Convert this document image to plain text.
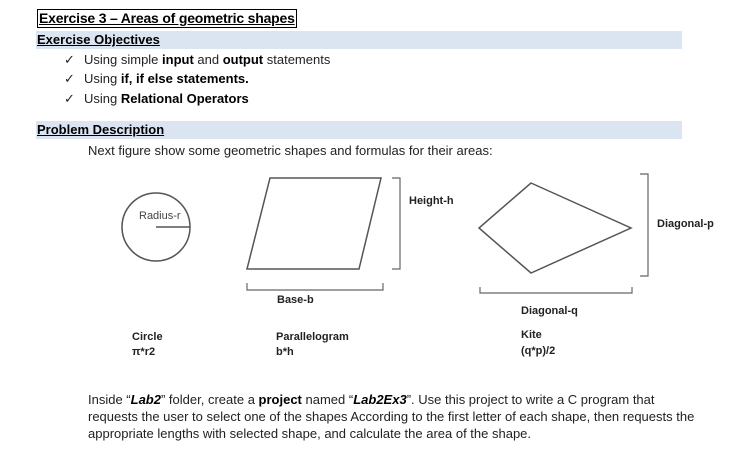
Exercise 3 – Areas of geometric shapes
Exercise Objectives
✓ Using simple input and output statements
✓ Using if, if else statements.
✓ Using Relational Operators
Problem Description
Next figure show some geometric shapes and formulas for their areas:
Radius-r
Height-h
Base-b
Diagonal-p
Diagonal-q
Circle
π*r2
Parallelogram
b*h
Kite
(q*p)/2
Inside “Lab2” folder, create a project named “Lab2Ex3”. Use this project to write a C program that requests the user to select one of the shapes According to the first letter of each shape, then requests the appropriate lengths with selected shape, and calculate the area of the shape.
